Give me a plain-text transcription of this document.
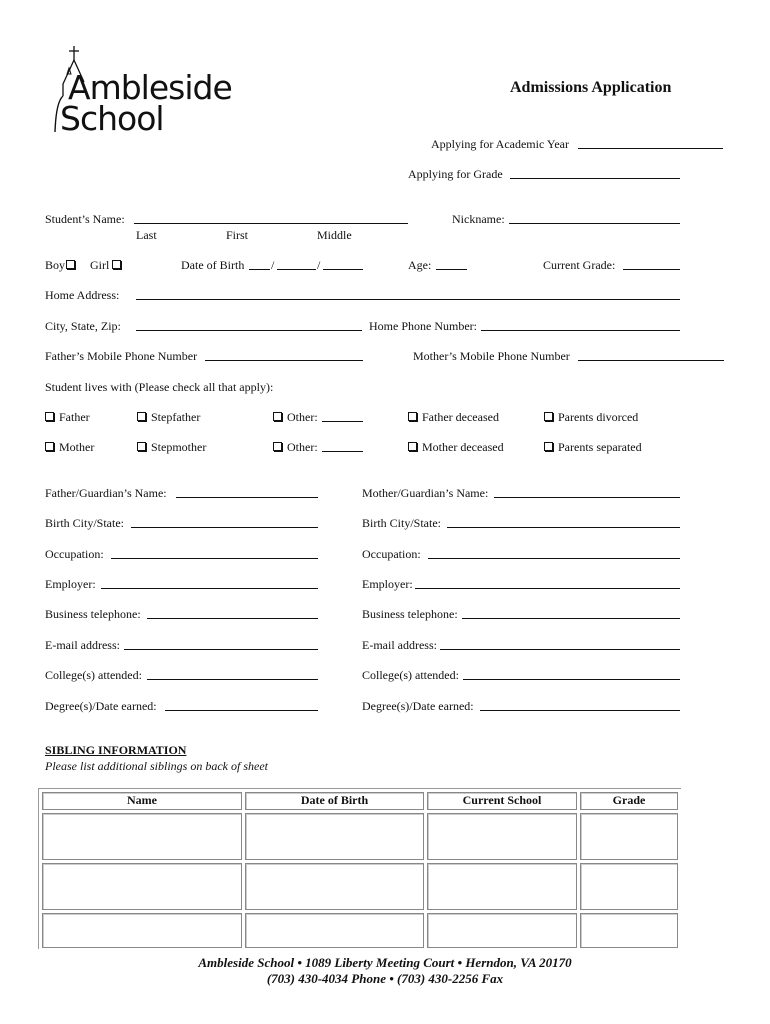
Ambleside
School
Admissions Application
Applying for Academic Year
Applying for Grade
Student’s Name:
Last	First	Middle
Nickname:
Boy	Girl	Date of Birth /	/	Age:	Current Grade:
Home Address:
City, State, Zip:	Home Phone Number:
Father’s Mobile Phone Number	Mother’s Mobile Phone Number
Student lives with (Please check all that apply):
Father	Stepfather	Other:	Father deceased	Parents divorced
Mother	Stepmother	Other:	Mother deceased	Parents separated
Father/Guardian’s Name:
Birth City/State:
Occupation:
Employer:
Business telephone:
E-mail address:
College(s) attended:
Degree(s)/Date earned:
Mother/Guardian’s Name:
Birth City/State:
Occupation:
Employer:
Business telephone:
E-mail address:
College(s) attended:
Degree(s)/Date earned:
SIBLING INFORMATION
Please list additional siblings on back of sheet
Name	Date of Birth	Current School	Grade
Ambleside School • 1089 Liberty Meeting Court • Herndon, VA 20170
(703) 430-4034 Phone • (703) 430-2256 Fax
